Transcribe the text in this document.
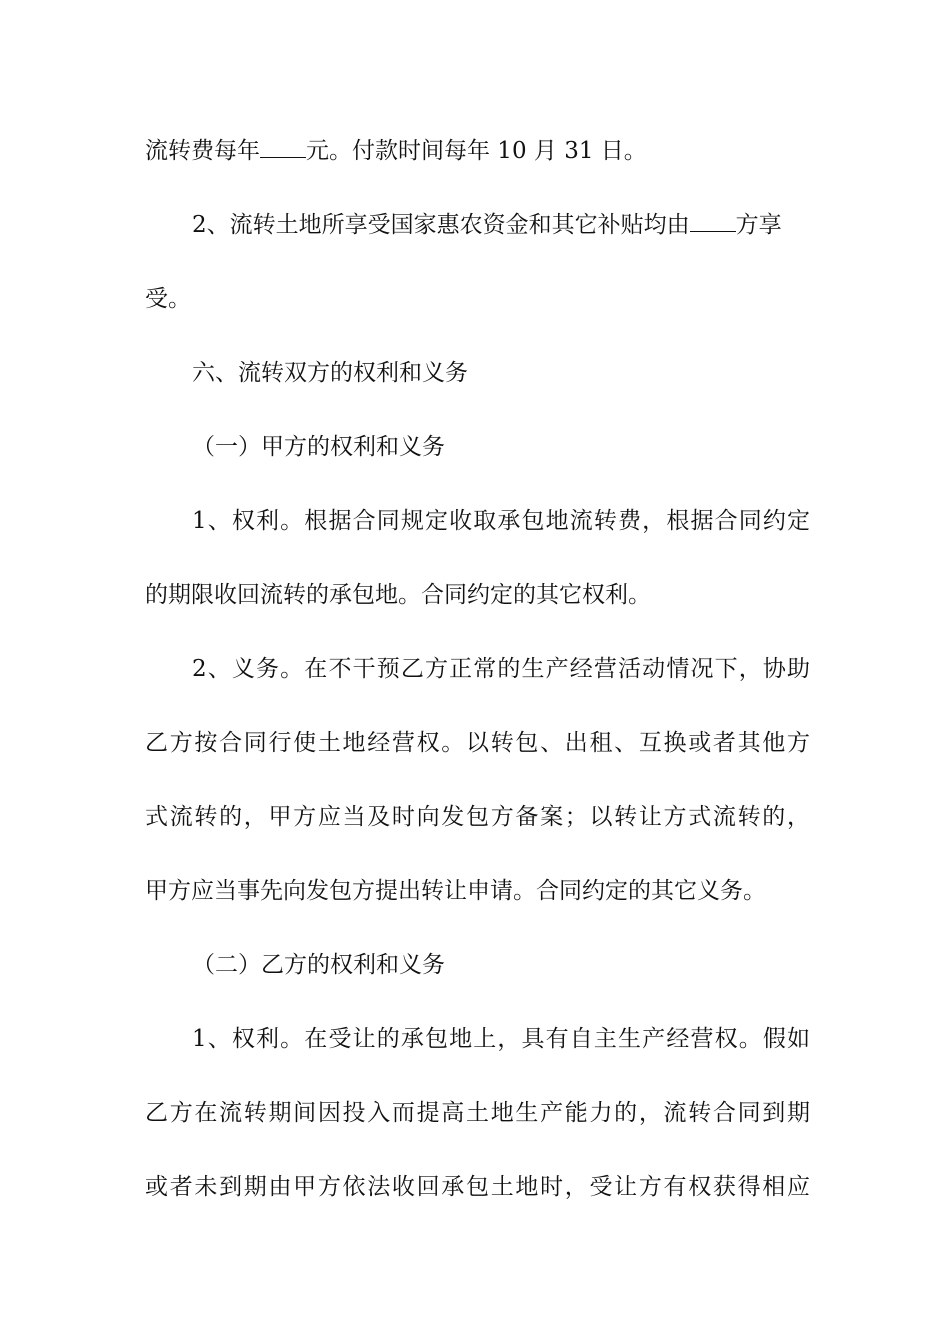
流转费每年 元。付款时间每年 10 月 31 日。
2、流转土地所享受国家惠农资金和其它补贴均由 方享
受。
六、流转双方的权利和义务
（一）甲方的权利和义务
1、权利。根据合同规定收取承包地流转费，根据合同约定
的期限收回流转的承包地。合同约定的其它权利。
2、义务。在不干预乙方正常的生产经营活动情况下，协助
乙方按合同行使土地经营权。以转包、出租、互换或者其他方
式流转的，甲方应当及时向发包方备案；以转让方式流转的，
甲方应当事先向发包方提出转让申请。合同约定的其它义务。
（二）乙方的权利和义务
1、权利。在受让的承包地上，具有自主生产经营权。假如
乙方在流转期间因投入而提高土地生产能力的，流转合同到期
或者未到期由甲方依法收回承包土地时，受让方有权获得相应
